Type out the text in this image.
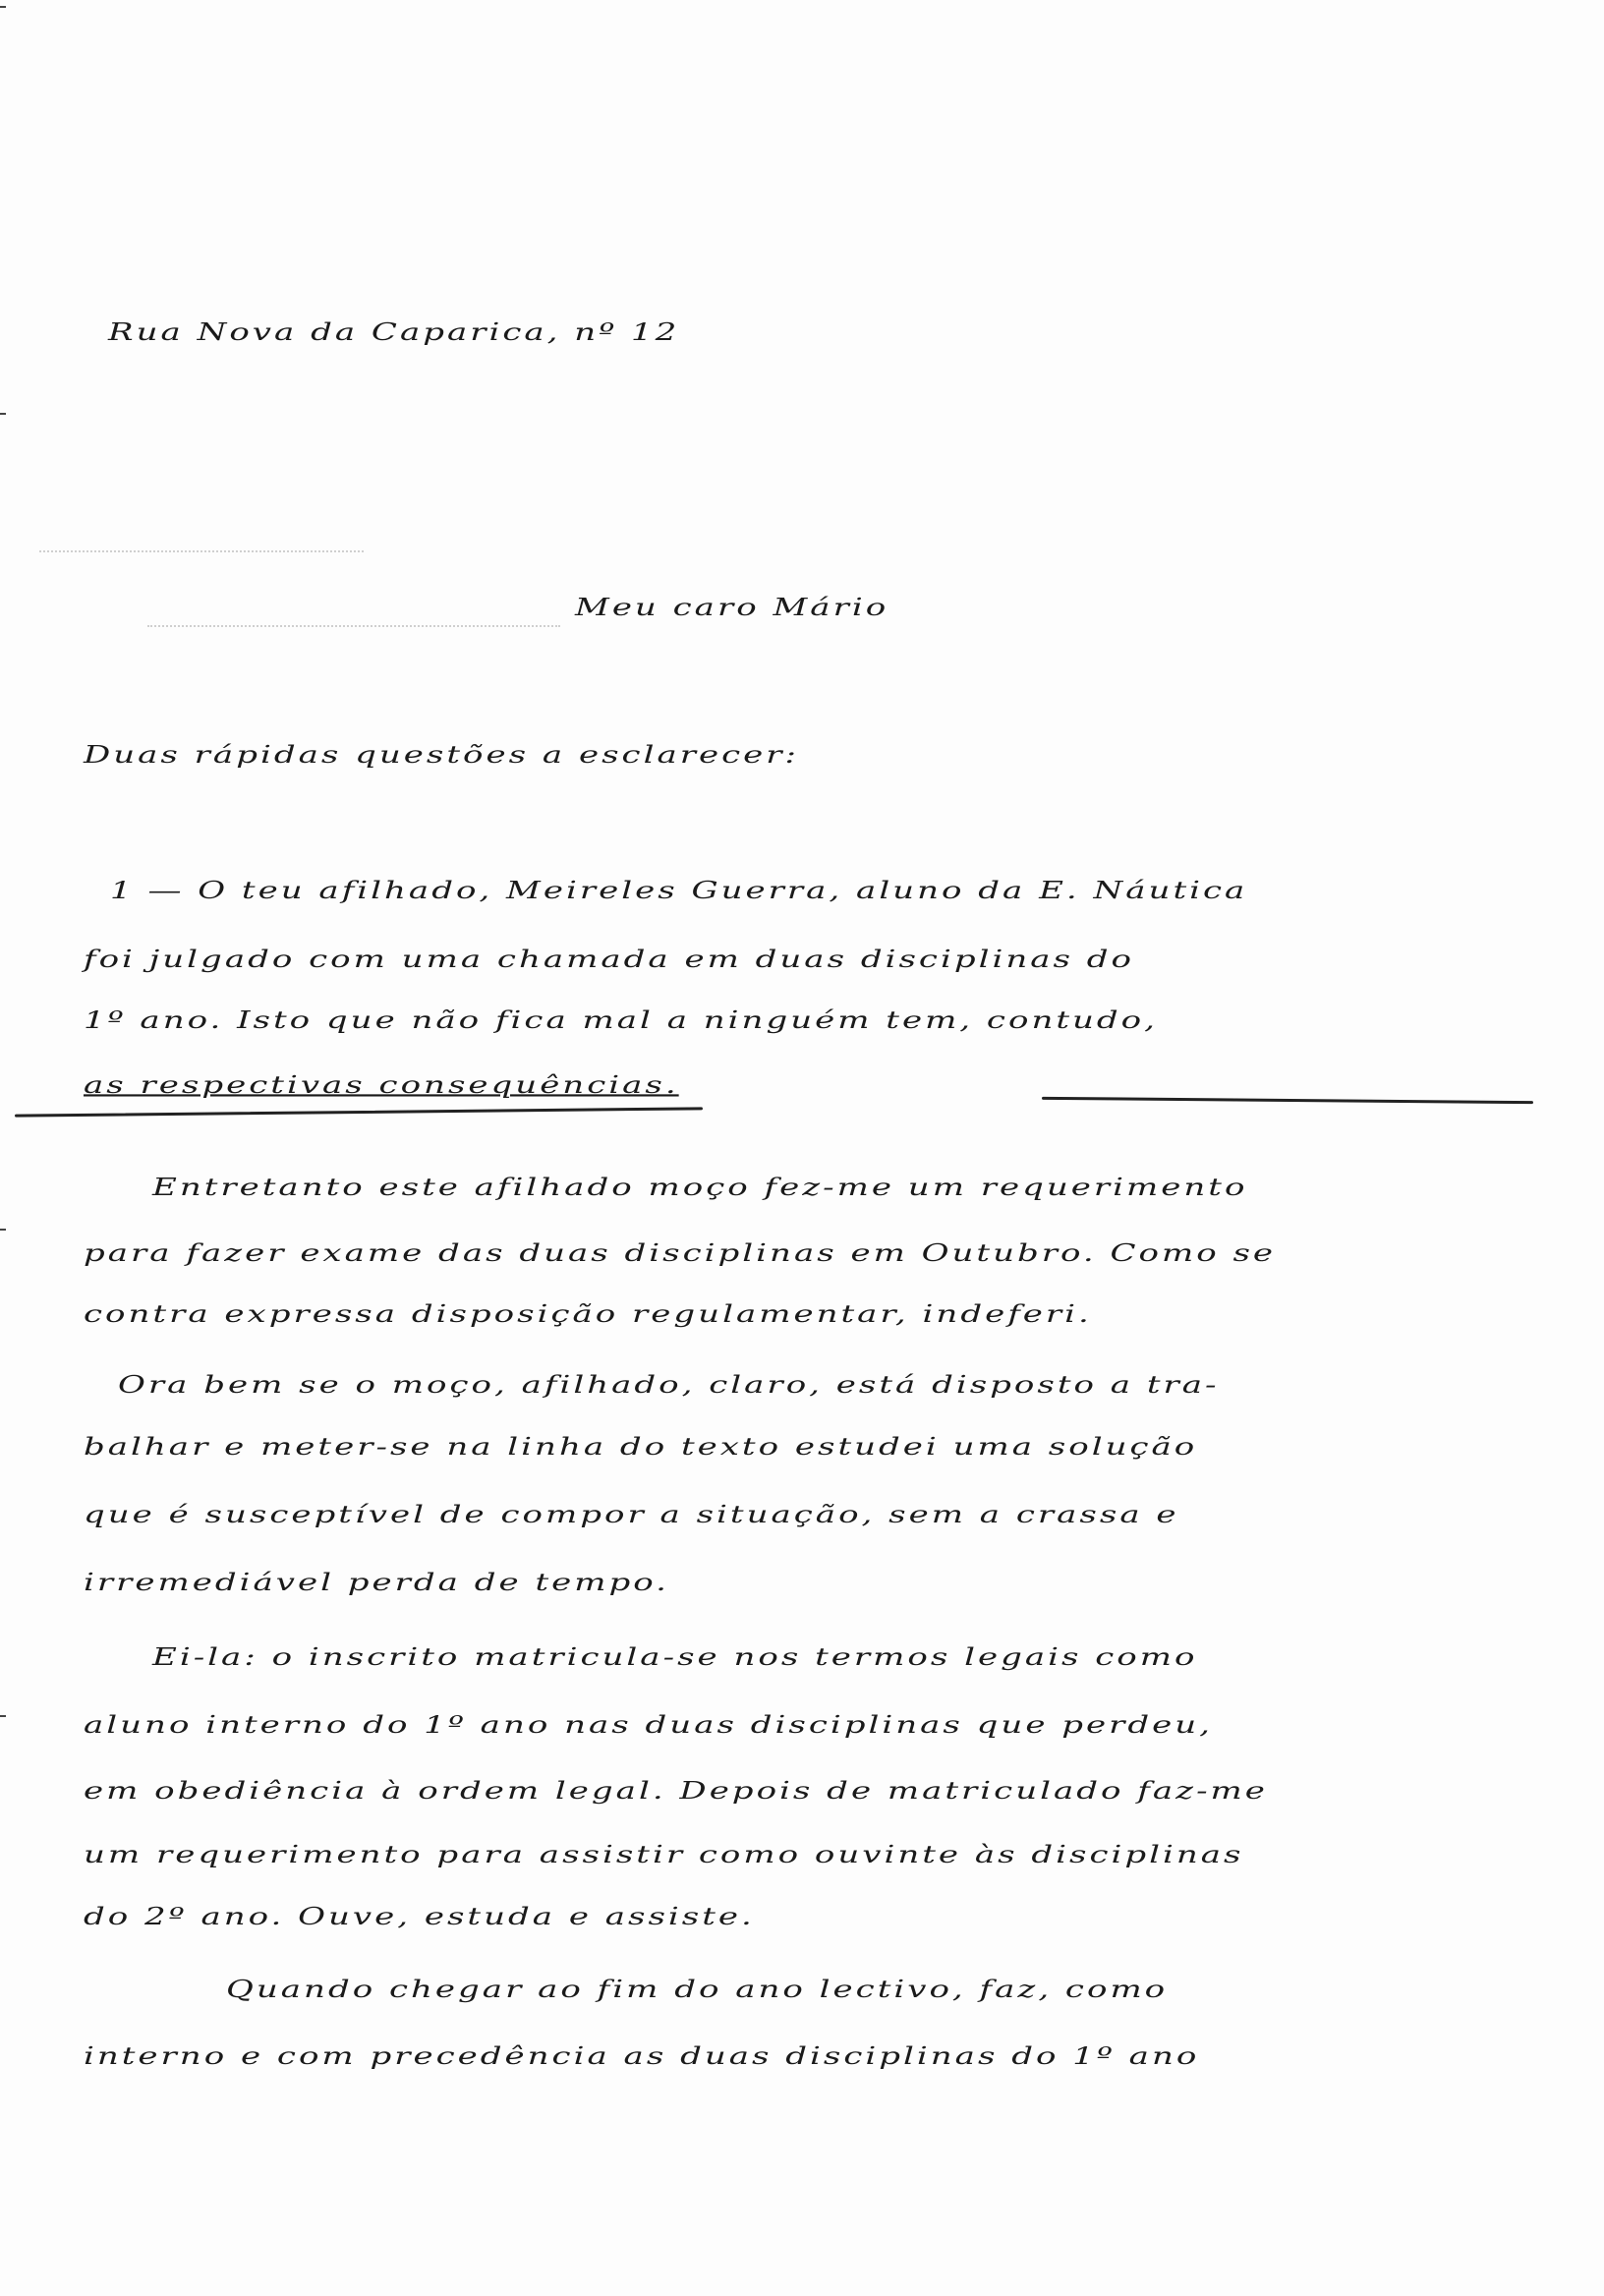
Rua Nova da Caparica, nº 12
Meu caro Mário
Duas rápidas questões a esclarecer:
1 — O teu afilhado, Meireles Guerra, aluno da E. Náutica
foi julgado com uma chamada em duas disciplinas do
1º ano. Isto que não fica mal a ninguém tem, contudo,
as respectivas consequências.
Entretanto este afilhado moço fez-me um requerimento
para fazer exame das duas disciplinas em Outubro. Como se
contra expressa disposição regulamentar, indeferi.
Ora bem se o moço, afilhado, claro, está disposto a tra-
balhar e meter-se na linha do texto estudei uma solução
que é susceptível de compor a situação, sem a crassa e
irremediável perda de tempo.
Ei-la: o inscrito matricula-se nos termos legais como
aluno interno do 1º ano nas duas disciplinas que perdeu,
em obediência à ordem legal. Depois de matriculado faz-me
um requerimento para assistir como ouvinte às disciplinas
do 2º ano. Ouve, estuda e assiste.
Quando chegar ao fim do ano lectivo, faz, como
interno e com precedência as duas disciplinas do 1º ano
